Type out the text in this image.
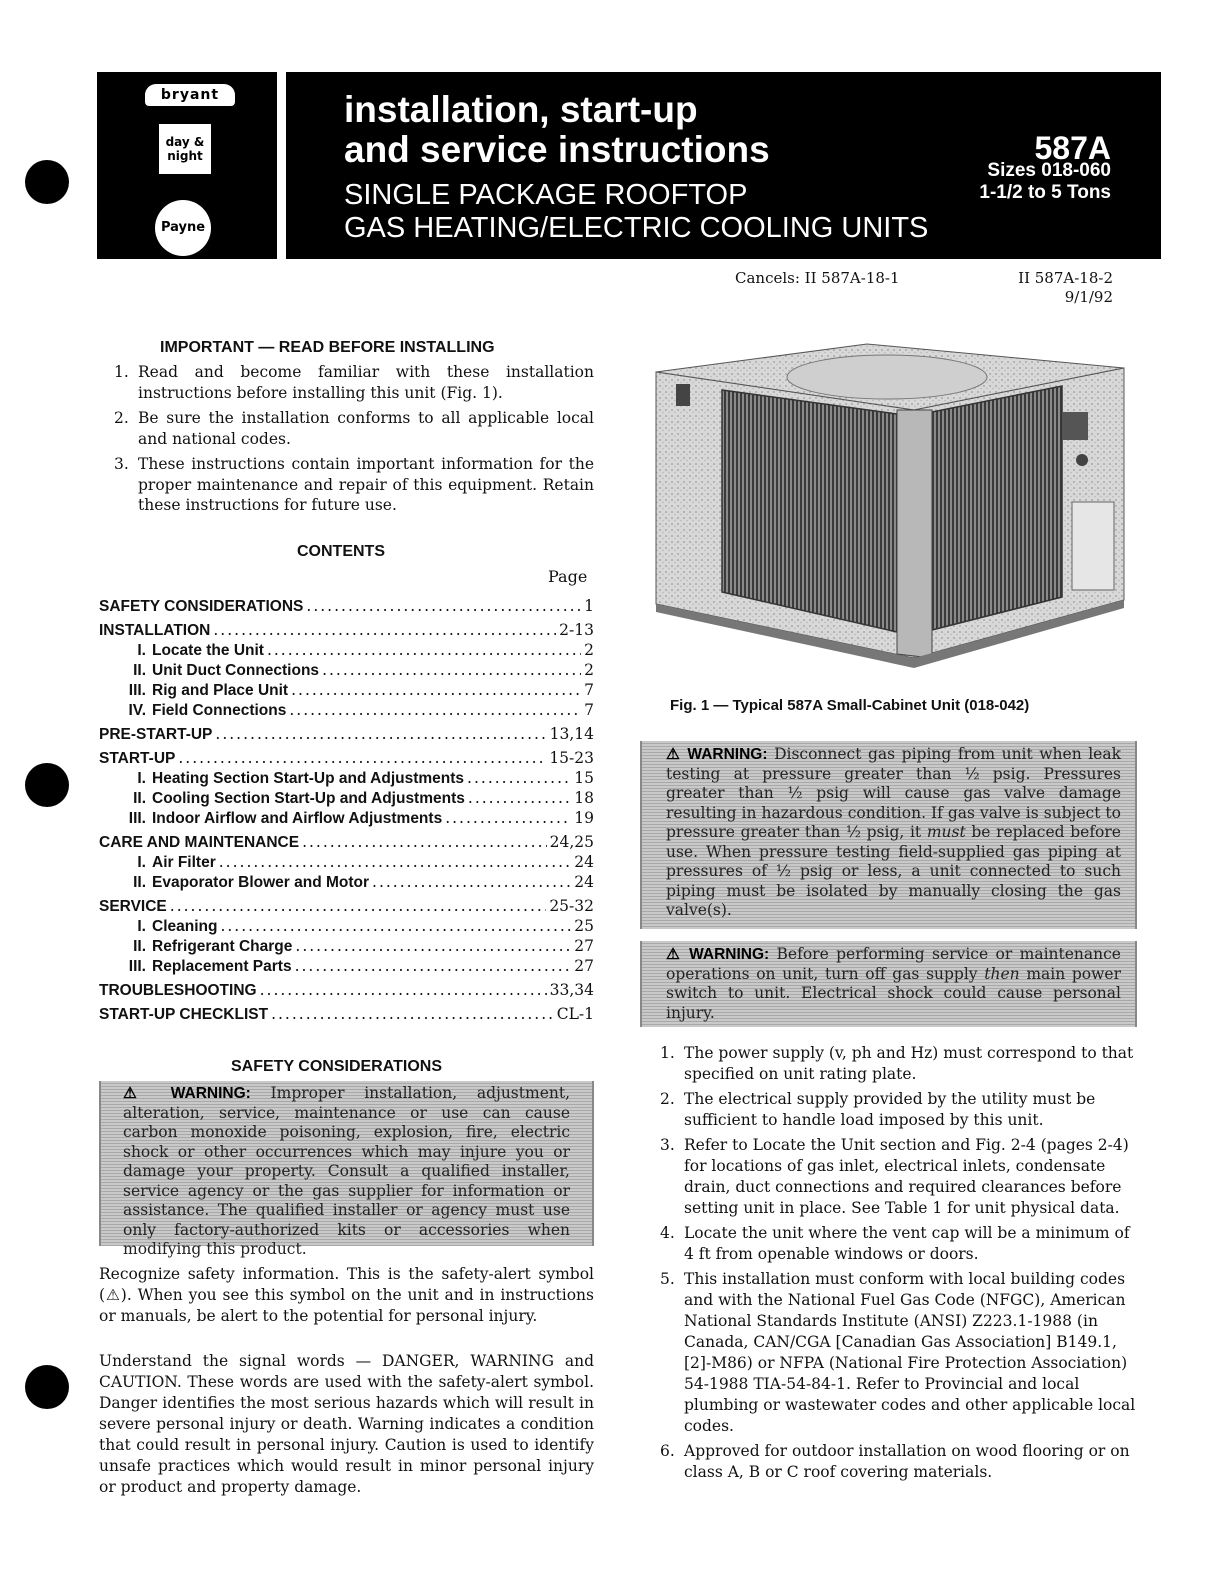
bryant
day & night
Payne
installation, start-up
and service instructions
SINGLE PACKAGE ROOFTOP
GAS HEATING/ELECTRIC COOLING UNITS
587A
Sizes 018-060
1-1/2 to 5 Tons
Cancels: II 587A-18-1	II 587A-18-2
9/1/92
IMPORTANT — READ BEFORE INSTALLING
1. Read and become familiar with these installation instructions before installing this unit (Fig. 1).
2. Be sure the installation conforms to all applicable local and national codes.
3. These instructions contain important information for the proper maintenance and repair of this equipment. Retain these instructions for future use.
CONTENTS
Page
SAFETY CONSIDERATIONS .....	1
INSTALLATION .....	2-13
I. Locate the Unit .....	2
II. Unit Duct Connections .....	2
III. Rig and Place Unit .....	7
IV. Field Connections .....	7
PRE-START-UP .....	13,14
START-UP .....	15-23
I. Heating Section Start-Up and Adjustments .....	15
II. Cooling Section Start-Up and Adjustments .....	18
III. Indoor Airflow and Airflow Adjustments .....	19
CARE AND MAINTENANCE .....	24,25
I. Air Filter .....	24
II. Evaporator Blower and Motor .....	24
SERVICE .....	25-32
I. Cleaning .....	25
II. Refrigerant Charge .....	27
III. Replacement Parts .....	27
TROUBLESHOOTING .....	33,34
START-UP CHECKLIST .....	CL-1
SAFETY CONSIDERATIONS
⚠ WARNING: Improper installation, adjustment, alteration, service, maintenance or use can cause carbon monoxide poisoning, explosion, fire, electric shock or other occurrences which may injure you or damage your property. Consult a qualified installer, service agency or the gas supplier for information or assistance. The qualified installer or agency must use only factory-authorized kits or accessories when modifying this product.
Recognize safety information. This is the safety-alert symbol (⚠). When you see this symbol on the unit and in instructions or manuals, be alert to the potential for personal injury.
Understand the signal words — DANGER, WARNING and CAUTION. These words are used with the safety-alert symbol. Danger identifies the most serious hazards which will result in severe personal injury or death. Warning indicates a condition that could result in personal injury. Caution is used to identify unsafe practices which would result in minor personal injury or product and property damage.
Fig. 1 — Typical 587A Small-Cabinet Unit (018-042)
⚠ WARNING: Disconnect gas piping from unit when leak testing at pressure greater than ½ psig. Pressures greater than ½ psig will cause gas valve damage resulting in hazardous condition. If gas valve is subject to pressure greater than ½ psig, it must be replaced before use. When pressure testing field-supplied gas piping at pressures of ½ psig or less, a unit connected to such piping must be isolated by manually closing the gas valve(s).
⚠ WARNING: Before performing service or maintenance operations on unit, turn off gas supply then main power switch to unit. Electrical shock could cause personal injury.
1. The power supply (v, ph and Hz) must correspond to that specified on unit rating plate.
2. The electrical supply provided by the utility must be sufficient to handle load imposed by this unit.
3. Refer to Locate the Unit section and Fig. 2-4 (pages 2-4) for locations of gas inlet, electrical inlets, condensate drain, duct connections and required clearances before setting unit in place. See Table 1 for unit physical data.
4. Locate the unit where the vent cap will be a minimum of 4 ft from openable windows or doors.
5. This installation must conform with local building codes and with the National Fuel Gas Code (NFGC), American National Standards Institute (ANSI) Z223.1-1988 (in Canada, CAN/CGA [Canadian Gas Association] B149.1, [2]-M86) or NFPA (National Fire Protection Association) 54-1988 TIA-54-84-1. Refer to Provincial and local plumbing or wastewater codes and other applicable local codes.
6. Approved for outdoor installation on wood flooring or on class A, B or C roof covering materials.
